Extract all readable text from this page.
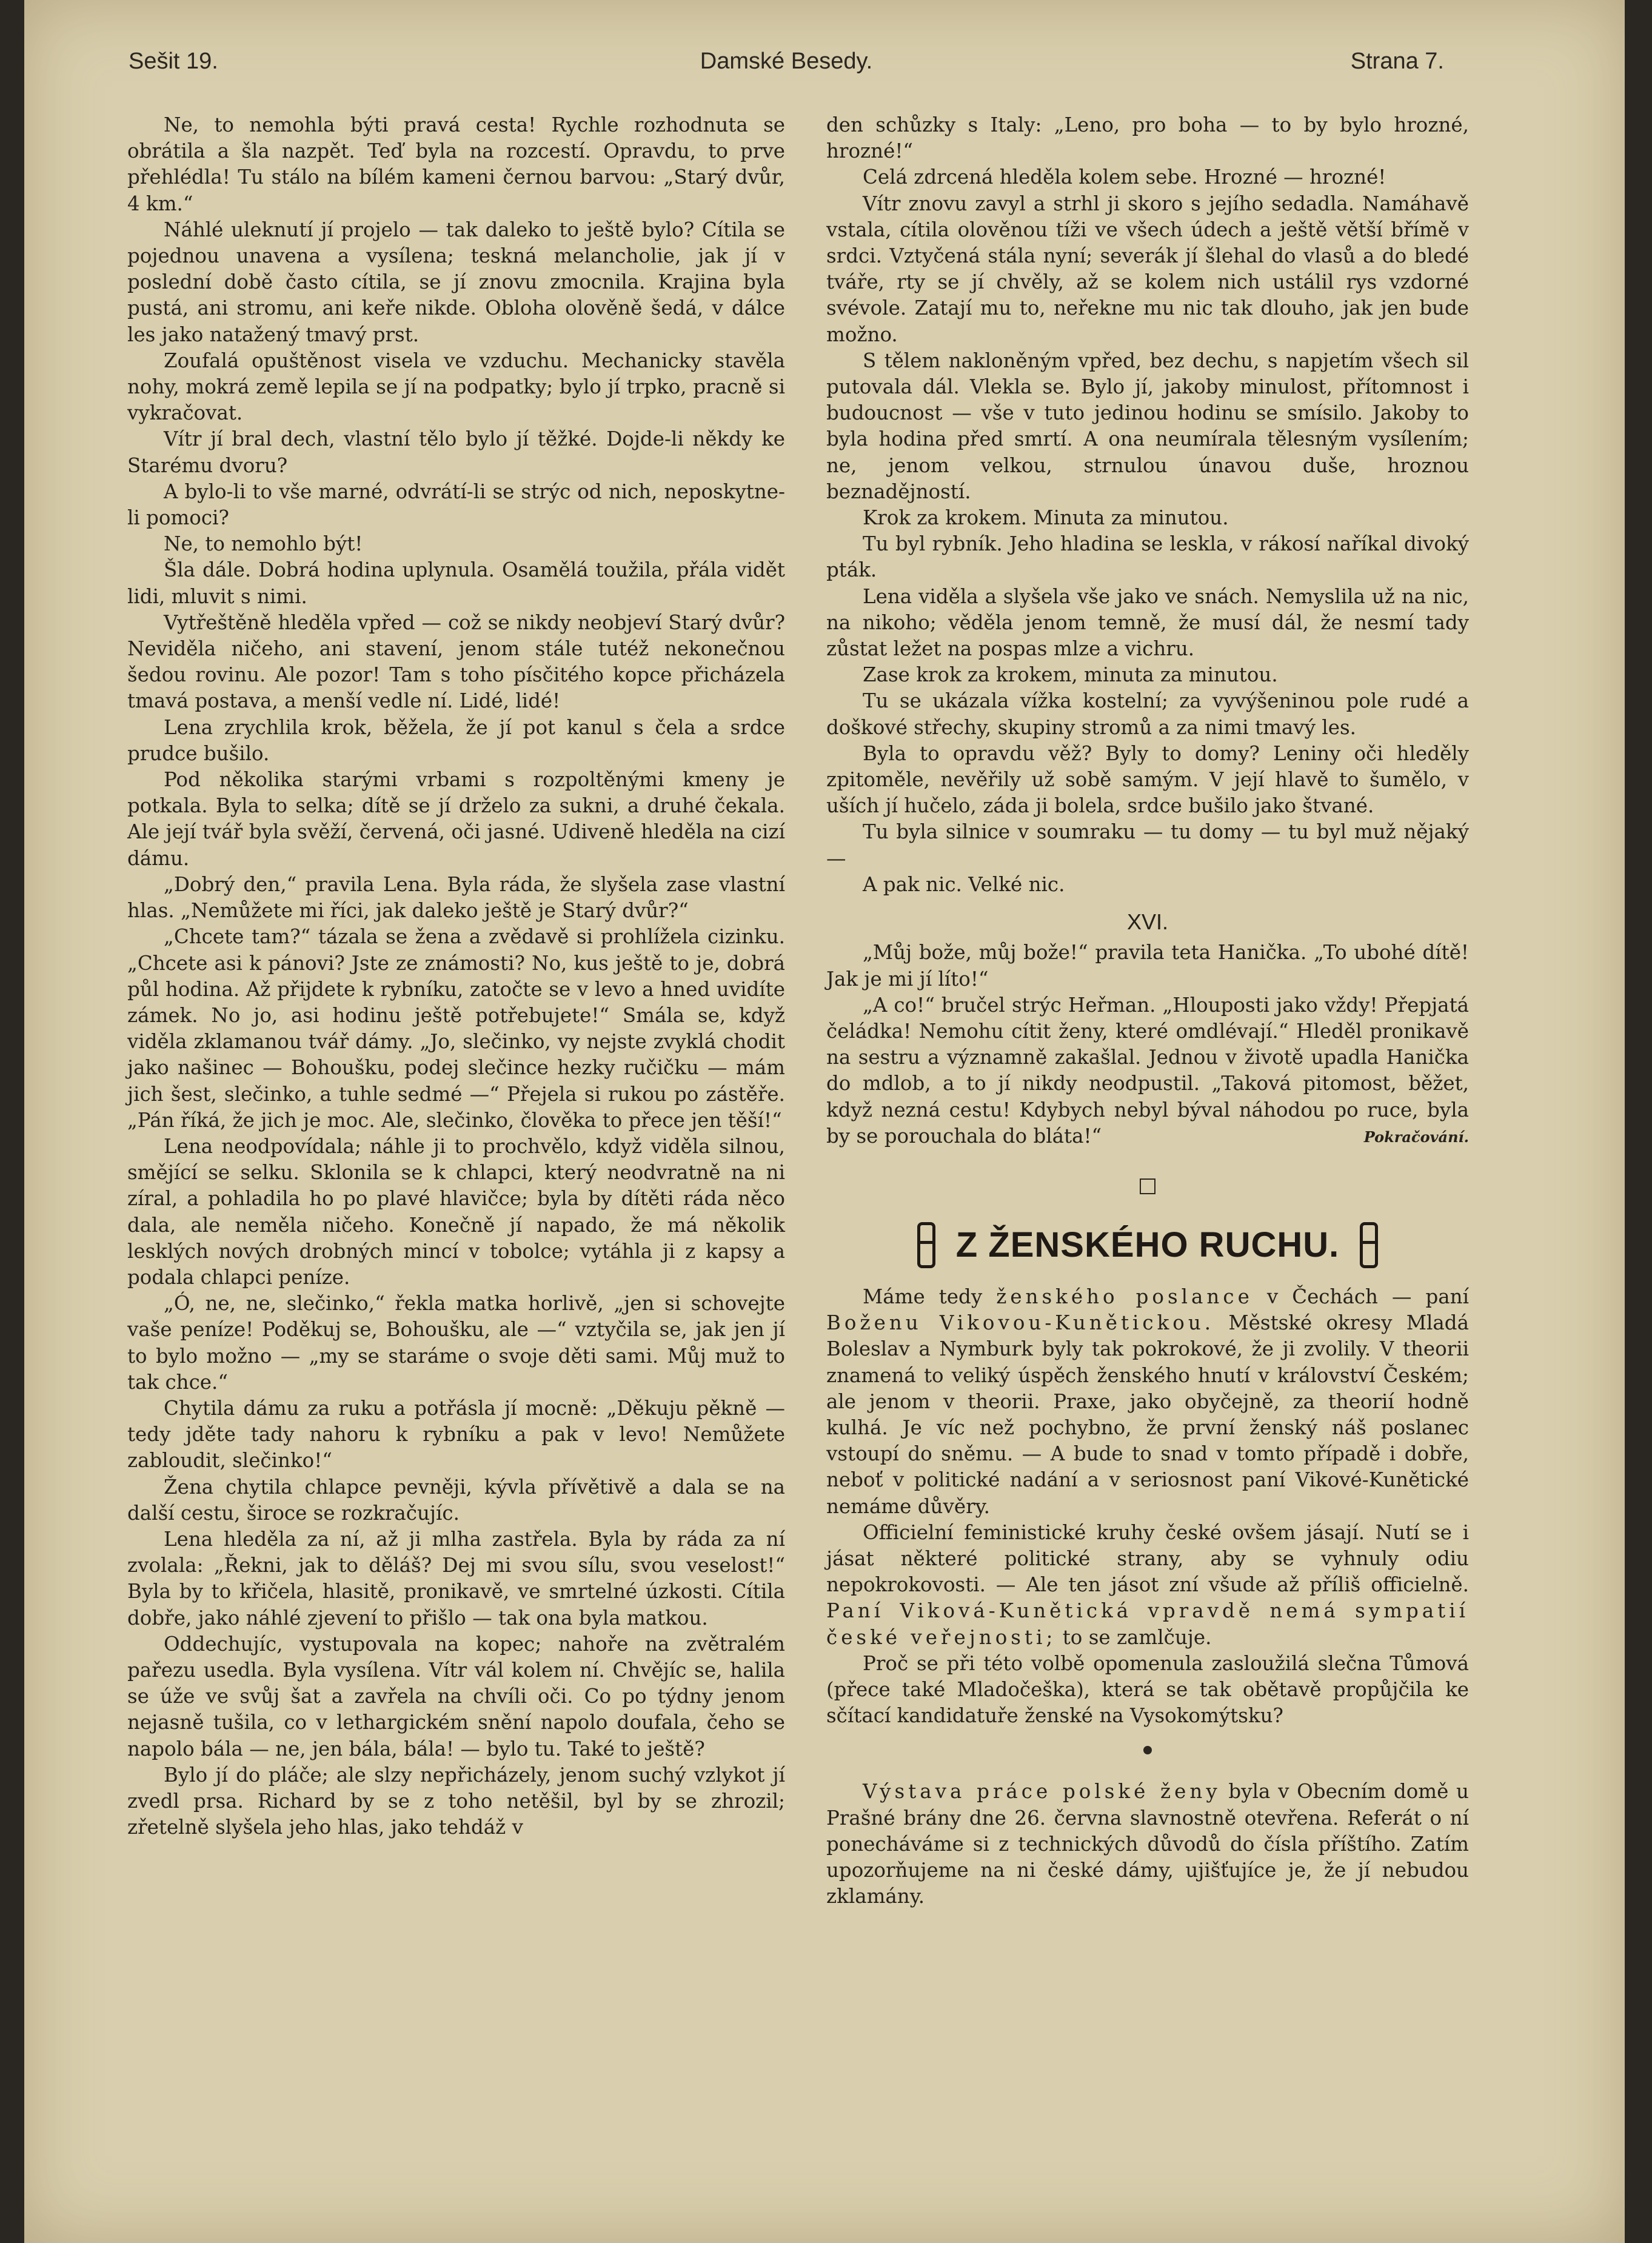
Damské Besedy.
Sešit 19.	Strana 7.

Ne, to nemohla býti pravá cesta! Rychle rozhodnuta se obrátila a šla nazpět. Teď byla na rozcestí. Opravdu, to prve přehlédla! Tu stálo na bílém kameni černou barvou: „Starý dvůr, 4 km.“

Náhlé uleknutí jí projelo — tak daleko to ještě bylo? Cítila se pojednou unavena a vysílena; teskná melancholie, jak jí v poslední době často cítila, se jí znovu zmocnila. Krajina byla pustá, ani stromu, ani keře nikde. Obloha olověně šedá, v dálce les jako natažený tmavý prst.

Zoufalá opuštěnost visela ve vzduchu. Mechanicky stavěla nohy, mokrá země lepila se jí na podpatky; bylo jí trpko, pracně si vykračovat.

Vítr jí bral dech, vlastní tělo bylo jí těžké. Dojde-li někdy ke Starému dvoru?

A bylo-li to vše marné, odvrátí-li se strýc od nich, neposkytne-li pomoci?

Ne, to nemohlo být!

Šla dále. Dobrá hodina uplynula. Osamělá toužila, přála vidět lidi, mluvit s nimi.

Vytřeštěně hleděla vpřed — což se nikdy neobjeví Starý dvůr? Neviděla ničeho, ani stavení, jenom stále tutéž nekonečnou šedou rovinu. Ale pozor! Tam s toho písčitého kopce přicházela tmavá postava, a menší vedle ní. Lidé, lidé!

Lena zrychlila krok, běžela, že jí pot kanul s čela a srdce prudce bušilo.

Pod několika starými vrbami s rozpoltěnými kmeny je potkala. Byla to selka; dítě se jí drželo za sukni, a druhé čekala. Ale její tvář byla svěží, červená, oči jasné. Udiveně hleděla na cizí dámu.

„Dobrý den,“ pravila Lena. Byla ráda, že slyšela zase vlastní hlas. „Nemůžete mi říci, jak daleko ještě je Starý dvůr?“

„Chcete tam?“ tázala se žena a zvědavě si prohlížela cizinku. „Chcete asi k pánovi? Jste ze známosti? No, kus ještě to je, dobrá půl hodina. Až přijdete k rybníku, zatočte se v levo a hned uvidíte zámek. No jo, asi hodinu ještě potřebujete!“ Smála se, když viděla zklamanou tvář dámy. „Jo, slečinko, vy nejste zvyklá chodit jako našinec — Bohoušku, podej slečince hezky ručičku — mám jich šest, slečinko, a tuhle sedmé —“ Přejela si rukou po zástěře. „Pán říká, že jich je moc. Ale, slečinko, člověka to přece jen těší!“

Lena neodpovídala; náhle ji to prochvělo, když viděla silnou, smějící se selku. Sklonila se k chlapci, který neodvratně na ni zíral, a pohladila ho po plavé hlavičce; byla by dítěti ráda něco dala, ale neměla ničeho. Konečně jí napado, že má několik lesklých nových drobných mincí v tobolce; vytáhla ji z kapsy a podala chlapci peníze.

„Ó, ne, ne, slečinko,“ řekla matka horlivě, „jen si schovejte vaše peníze! Poděkuj se, Bohoušku, ale —“ vztyčila se, jak jen jí to bylo možno — „my se staráme o svoje děti sami. Můj muž to tak chce.“

Chytila dámu za ruku a potřásla jí mocně: „Děkuju pěkně — tedy jděte tady nahoru k rybníku a pak v levo! Nemůžete zabloudit, slečinko!“

Žena chytila chlapce pevněji, kývla přívětivě a dala se na další cestu, široce se rozkračujíc.

Lena hleděla za ní, až ji mlha zastřela. Byla by ráda za ní zvolala: „Řekni, jak to děláš? Dej mi svou sílu, svou veselost!“ Byla by to křičela, hlasitě, pronikavě, ve smrtelné úzkosti. Cítila dobře, jako náhlé zjevení to přišlo — tak ona byla matkou.

Oddechujíc, vystupovala na kopec; nahoře na zvětralém pařezu usedla. Byla vysílena. Vítr vál kolem ní. Chvějíc se, halila se úže ve svůj šat a zavřela na chvíli oči. Co po týdny jenom nejasně tušila, co v lethargickém snění napolo doufala, čeho se napolo bála — ne, jen bála, bála! — bylo tu. Také to ještě?

Bylo jí do pláče; ale slzy nepřicházely, jenom suchý vzlykot jí zvedl prsa. Richard by se z toho netěšil, byl by se zhrozil; zřetelně slyšela jeho hlas, jako tehdáž v

den schůzky s Italy: „Leno, pro boha — to by bylo hrozné, hrozné!“

Celá zdrcená hleděla kolem sebe. Hrozné — hrozné!

Vítr znovu zavyl a strhl ji skoro s jejího sedadla. Namáhavě vstala, cítila olověnou tíži ve všech údech a ještě větší břímě v srdci. Vztyčená stála nyní; severák jí šlehal do vlasů a do bledé tváře, rty se jí chvěly, až se kolem nich ustálil rys vzdorné svévole. Zatají mu to, neřekne mu nic tak dlouho, jak jen bude možno.

S tělem nakloněným vpřed, bez dechu, s napjetím všech sil putovala dál. Vlekla se. Bylo jí, jakoby minulost, přítomnost i budoucnost — vše v tuto jedinou hodinu se smísilo. Jakoby to byla hodina před smrtí. A ona neumírala tělesným vysílením; ne, jenom velkou, strnulou únavou duše, hroznou beznadějností.

Krok za krokem. Minuta za minutou.

Tu byl rybník. Jeho hladina se leskla, v rákosí naříkal divoký pták.

Lena viděla a slyšela vše jako ve snách. Nemyslila už na nic, na nikoho; věděla jenom temně, že musí dál, že nesmí tady zůstat ležet na pospas mlze a vichru.

Zase krok za krokem, minuta za minutou.

Tu se ukázala vížka kostelní; za vyvýšeninou pole rudé a doškové střechy, skupiny stromů a za nimi tmavý les.

Byla to opravdu věž? Byly to domy? Leniny oči hleděly zpitoměle, nevěřily už sobě samým. V její hlavě to šumělo, v uších jí hučelo, záda ji bolela, srdce bušilo jako štvané.

Tu byla silnice v soumraku — tu domy — tu byl muž nějaký —

A pak nic. Velké nic.

XVI.

„Můj bože, můj bože!“ pravila teta Hanička. „To ubohé dítě! Jak je mi jí líto!“

„A co!“ bručel strýc Heřman. „Hlouposti jako vždy! Přepjatá čeládka! Nemohu cítit ženy, které omdlévají.“ Hleděl pronikavě na sestru a významně zakašlal. Jednou v životě upadla Hanička do mdlob, a to jí nikdy neodpustil. „Taková pitomost, běžet, když nezná cestu! Kdybych nebyl býval náhodou po ruce, byla by se porouchala do bláta!“	Pokračování.
Z ŽENSKÉHO RUCHU.

Máme tedy ženského poslance v Čechách — paní Boženu Vikovou-Kunětickou. Městské okresy Mladá Boleslav a Nymburk byly tak pokrokové, že ji zvolily. V theorii znamená to veliký úspěch ženského hnutí v království Českém; ale jenom v theorii. Praxe, jako obyčejně, za theorií hodně kulhá. Je víc než pochybno, že první ženský náš poslanec vstoupí do sněmu. — A bude to snad v tomto případě i dobře, neboť v politické nadání a v seriosnost paní Vikové-Kunětické nemáme důvěry.

Officielní feministické kruhy české ovšem jásají. Nutí se i jásat některé politické strany, aby se vyhnuly odiu nepokrokovosti. — Ale ten jásot zní všude až příliš officielně. Paní Viková-Kunětická vpravdě nemá sympatií české veřejnosti; to se zamlčuje.

Proč se při této volbě opomenula zasloužilá slečna Tůmová (přece také Mladočeška), která se tak obětavě propůjčila ke sčítací kandidatuře ženské na Vysokomýtsku?

Výstava práce polské ženy byla v Obecním domě u Prašné brány dne 26. června slavnostně otevřena. Referát o ní ponecháváme si z technických důvodů do čísla příštího. Zatím upozorňujeme na ni české dámy, ujišťujíce je, že jí nebudou zklamány.
